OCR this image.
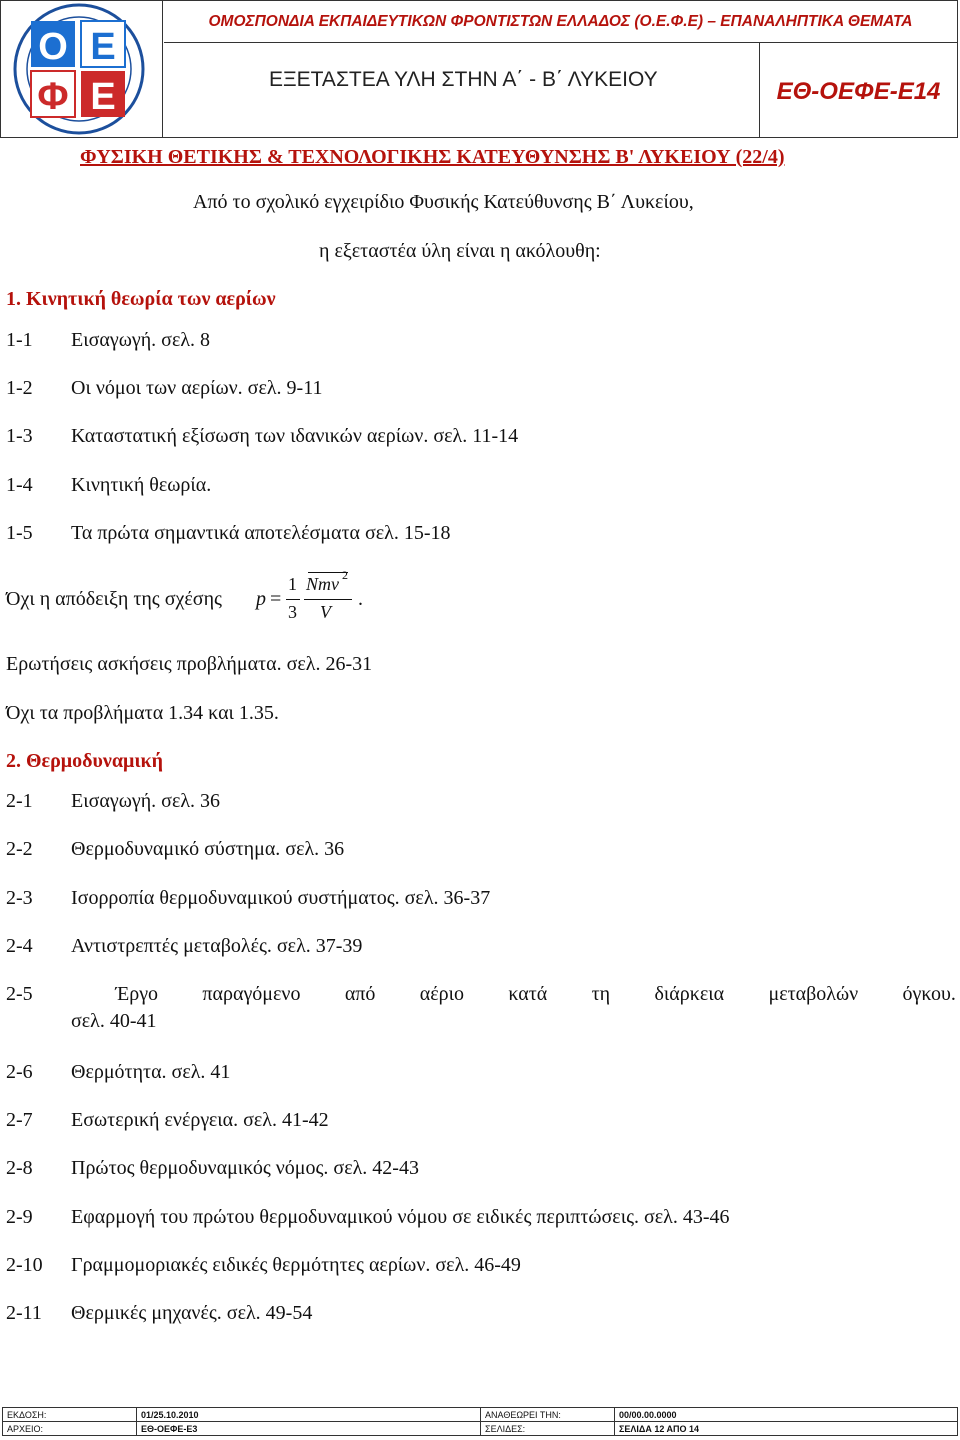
Ο Ε
Φ Ε
ΟΜΟΣΠΟΝΔΙΑ ΕΚΠΑΙΔΕΥΤΙΚΩΝ ΦΡΟΝΤΙΣΤΩΝ ΕΛΛΑΔΟΣ (Ο.Ε.Φ.Ε) – ΕΠΑΝΑΛΗΠΤΙΚΑ ΘΕΜΑΤΑ
ΕΞΕΤΑΣΤΕΑ ΥΛΗ ΣΤΗΝ Α΄ - Β΄ ΛΥΚΕΙΟΥ	ΕΘ-ΟΕΦΕ-Ε14
ΦΥΣΙΚΗ ΘΕΤΙΚΗΣ & ΤΕΧΝΟΛΟΓΙΚΗΣ ΚΑΤΕΥΘΥΝΣΗΣ Β' ΛΥΚΕΙΟΥ (22/4)
Από το σχολικό εγχειρίδιο Φυσικής Κατεύθυνσης Β΄ Λυκείου,
η εξεταστέα ύλη είναι η ακόλουθη:
1. Κινητική θεωρία των αερίων
1-1 Εισαγωγή. σελ. 8
1-2 Οι νόμοι των αερίων. σελ. 9-11
1-3 Καταστατική εξίσωση των ιδανικών αερίων. σελ. 11-14
1-4 Κινητική θεωρία.
1-5 Τα πρώτα σημαντικά αποτελέσματα σελ. 15-18
Όχι η απόδειξη της σχέσης p =
1
3
Nmv 2
V
.
Ερωτήσεις ασκήσεις προβλήματα. σελ. 26-31
Όχι τα προβλήματα 1.34 και 1.35.
2. Θερμοδυναμική
2-1 Εισαγωγή. σελ. 36
2-2 Θερμοδυναμικό σύστημα. σελ. 36
2-3 Ισορροπία θερμοδυναμικού συστήματος. σελ. 36-37
2-4 Αντιστρεπτές μεταβολές. σελ. 37-39
2-5	Έργο παραγόμενο από αέριο κατά τη διάρκεια μεταβολών όγκου.
σελ. 40-41
2-6 Θερμότητα. σελ. 41
2-7 Εσωτερική ενέργεια. σελ. 41-42
2-8 Πρώτος θερμοδυναμικός νόμος. σελ. 42-43
2-9 Εφαρμογή του πρώτου θερμοδυναμικού νόμου σε ειδικές περιπτώσεις. σελ. 43-46
2-10 Γραμμομοριακές ειδικές θερμότητες αερίων. σελ. 46-49
2-11 Θερμικές μηχανές. σελ. 49-54
ΕΚΔΟΣΗ:	01/25.10.2010	ΑΝΑΘΕΩΡΕΙ ΤΗΝ:	00/00.00.0000
ΑΡΧΕΙΟ:	ΕΘ-ΟΕΦΕ-Ε3	ΣΕΛΙΔΕΣ:	ΣΕΛΙΔΑ 12 ΑΠΟ 14
